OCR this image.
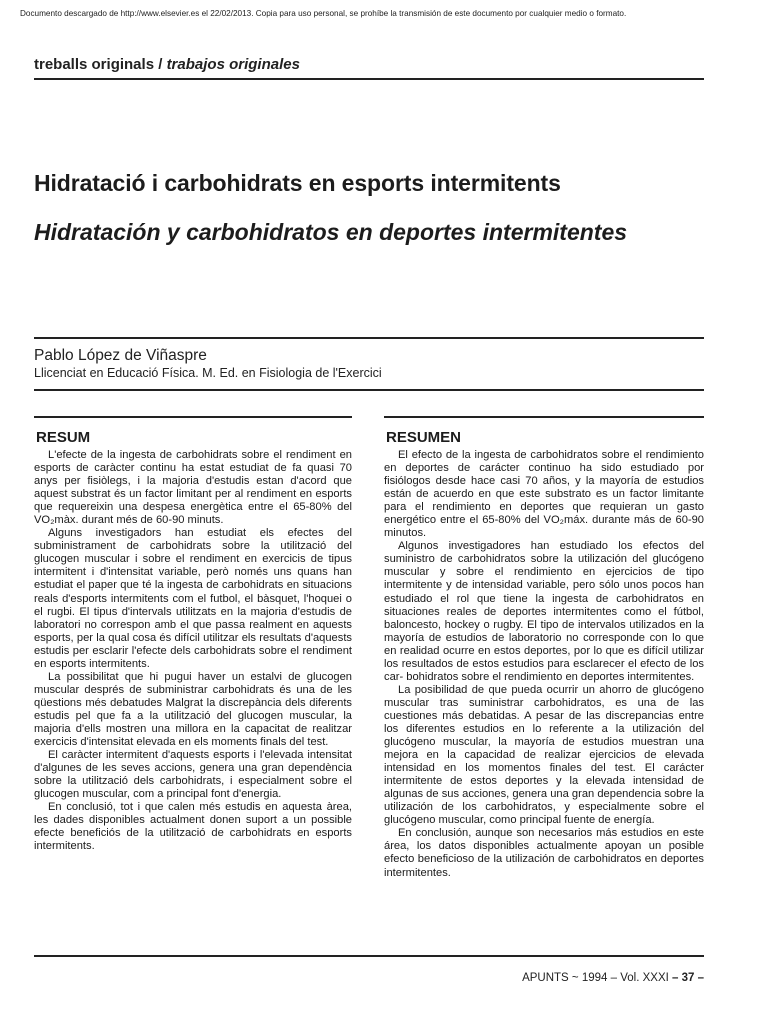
Documento descargado de http://www.elsevier.es el 22/02/2013. Copia para uso personal, se prohíbe la transmisión de este documento por cualquier medio o formato.
treballs originals / trabajos originales
Hidratació i carbohidrats en esports intermitents
Hidratación y carbohidratos en deportes intermitentes
Pablo López de Viñaspre
Llicenciat en Educació Física. M. Ed. en Fisiologia de l'Exercici
RESUM	RESUMEN

L'efecte de la ingesta de carbohidrats sobre el rendiment en esports de caràcter continu ha estat estudiat de fa quasi 70 anys per fisiòlegs, i la majoria d'estudis estan d'acord que aquest substrat és un factor limitant per al rendiment en esports que requereixin una despesa energètica entre el 65-80% del VO₂màx. durant més de 60-90 minuts.

Alguns investigadors han estudiat els efectes del subministrament de carbohidrats sobre la utilització del glucogen muscular i sobre el rendiment en exercicis de tipus intermitent i d'intensitat variable, però només uns quans han estudiat el paper que té la ingesta de carbohidrats en situacions reals d'esports intermitents com el futbol, el bàsquet, l'hoquei o el rugbi. El tipus d'intervals utilitzats en la majoria d'estudis de laboratori no correspon amb el que passa realment en aquests esports, per la qual cosa és difícil utilitzar els resultats d'aquests estudis per esclarir l'efecte dels carbohidrats sobre el rendiment en esports intermitents.

La possibilitat que hi pugui haver un estalvi de glucogen muscular després de subministrar carbohidrats és una de les qüestions més debatudes Malgrat la discrepància dels diferents estudis pel que fa a la utilització del glucogen muscular, la majoria d'ells mostren una millora en la capacitat de realitzar exercicis d'intensitat elevada en els moments finals del test.

El caràcter intermitent d'aquests esports i l'elevada intensitat d'algunes de les seves accions, genera una gran dependència sobre la utilització dels carbohidrats, i especialment sobre el glucogen muscular, com a principal font d'energia.

En conclusió, tot i que calen més estudis en aquesta àrea, les dades disponibles actualment donen suport a un possible efecte beneficiós de la utilització de carbohidrats en esports intermitents.

El efecto de la ingesta de carbohidratos sobre el rendimiento en deportes de carácter continuo ha sido estudiado por fisiólogos desde hace casi 70 años, y la mayoría de estudios están de acuerdo en que este substrato es un factor limitante para el rendimiento en deportes que requieran un gasto energético entre el 65-80% del VO₂máx. durante más de 60-90 minutos.

Algunos investigadores han estudiado los efectos del suministro de carbohidratos sobre la utilización del glucógeno muscular y sobre el rendimiento en ejercicios de tipo intermitente y de intensidad variable, pero sólo unos pocos han estudiado el rol que tiene la ingesta de carbohidratos en situaciones reales de deportes intermitentes como el fútbol, baloncesto, hockey o rugby. El tipo de intervalos utilizados en la mayoría de estudios de laboratorio no corresponde con lo que en realidad ocurre en estos deportes, por lo que es difícil utilizar los resultados de estos estudios para esclarecer el efecto de los car- bohidratos sobre el rendimiento en deportes intermitentes.

La posibilidad de que pueda ocurrir un ahorro de glucógeno muscular tras suministrar carbohidratos, es una de las cuestiones más debatidas. A pesar de las discrepancias entre los diferentes estudios en lo referente a la utilización del glucógeno muscular, la mayoría de estudios muestran una mejora en la capacidad de realizar ejercicios de elevada intensidad en los momentos finales del test. El carácter intermitente de estos deportes y la elevada intensidad de algunas de sus acciones, genera una gran dependencia sobre la utilización de los carbohidratos, y especialmente sobre el glucógeno muscular, como principal fuente de energía.

En conclusión, aunque son necesarios más estudios en este área, los datos disponibles actualmente apoyan un posible efecto beneficioso de la utilización de carbohidratos en deportes intermitentes.

APUNTS ~ 1994 – Vol. XXXI – 37 –
